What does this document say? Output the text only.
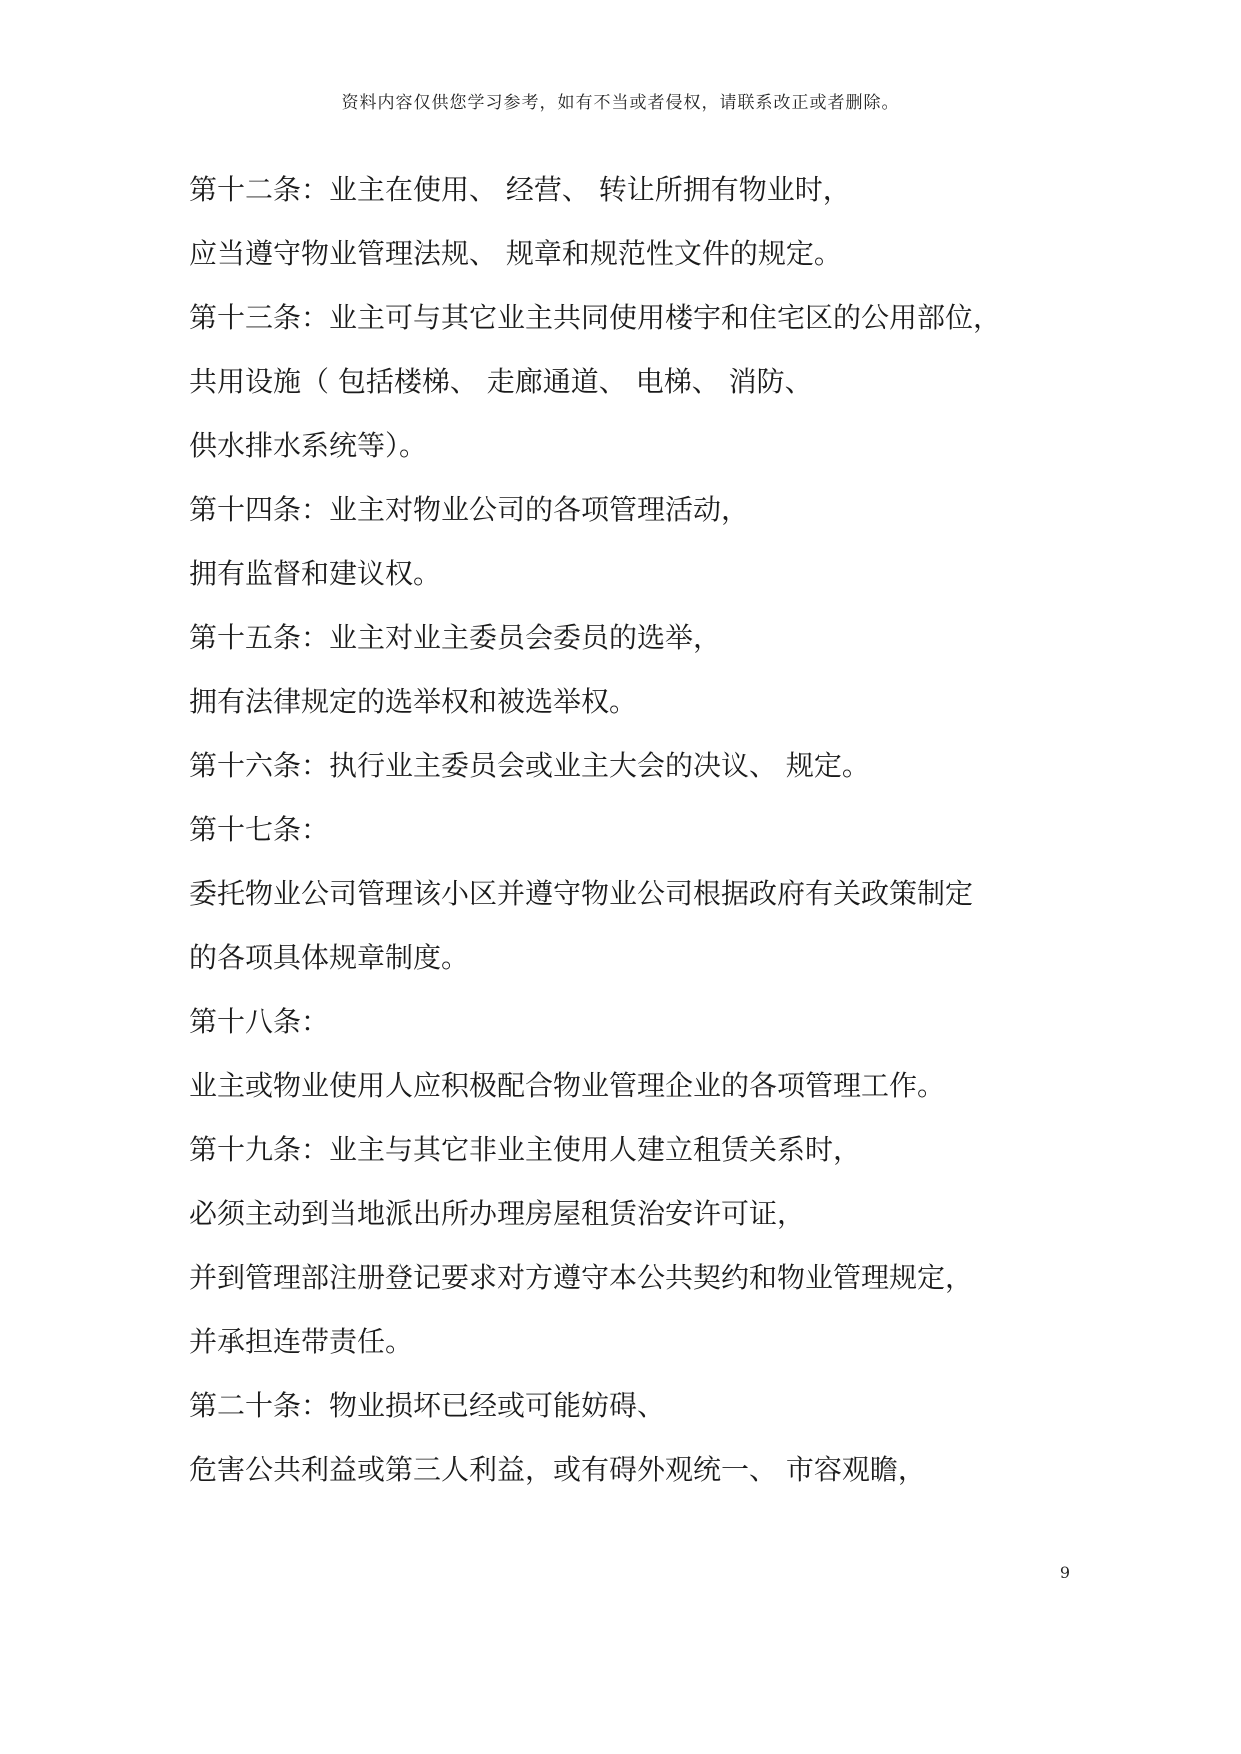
资料内容仅供您学习参考，如有不当或者侵权，请联系改正或者删除。
第十二条：业主在使用、 经营、 转让所拥有物业时，
应当遵守物业管理法规、 规章和规范性文件的规定。
第十三条：业主可与其它业主共同使用楼宇和住宅区的公用部位，
共用设施（ 包括楼梯、 走廊通道、 电梯、 消防、
供水排水系统等）。
第十四条：业主对物业公司的各项管理活动，
拥有监督和建议权。
第十五条：业主对业主委员会委员的选举，
拥有法律规定的选举权和被选举权。
第十六条：执行业主委员会或业主大会的决议、 规定。
第十七条：
委托物业公司管理该小区并遵守物业公司根据政府有关政策制定
的各项具体规章制度。
第十八条：
业主或物业使用人应积极配合物业管理企业的各项管理工作。
第十九条：业主与其它非业主使用人建立租赁关系时，
必须主动到当地派出所办理房屋租赁治安许可证，
并到管理部注册登记要求对方遵守本公共契约和物业管理规定，
并承担连带责任。
第二十条：物业损坏已经或可能妨碍、
危害公共利益或第三人利益，或有碍外观统一、 市容观瞻，
9
